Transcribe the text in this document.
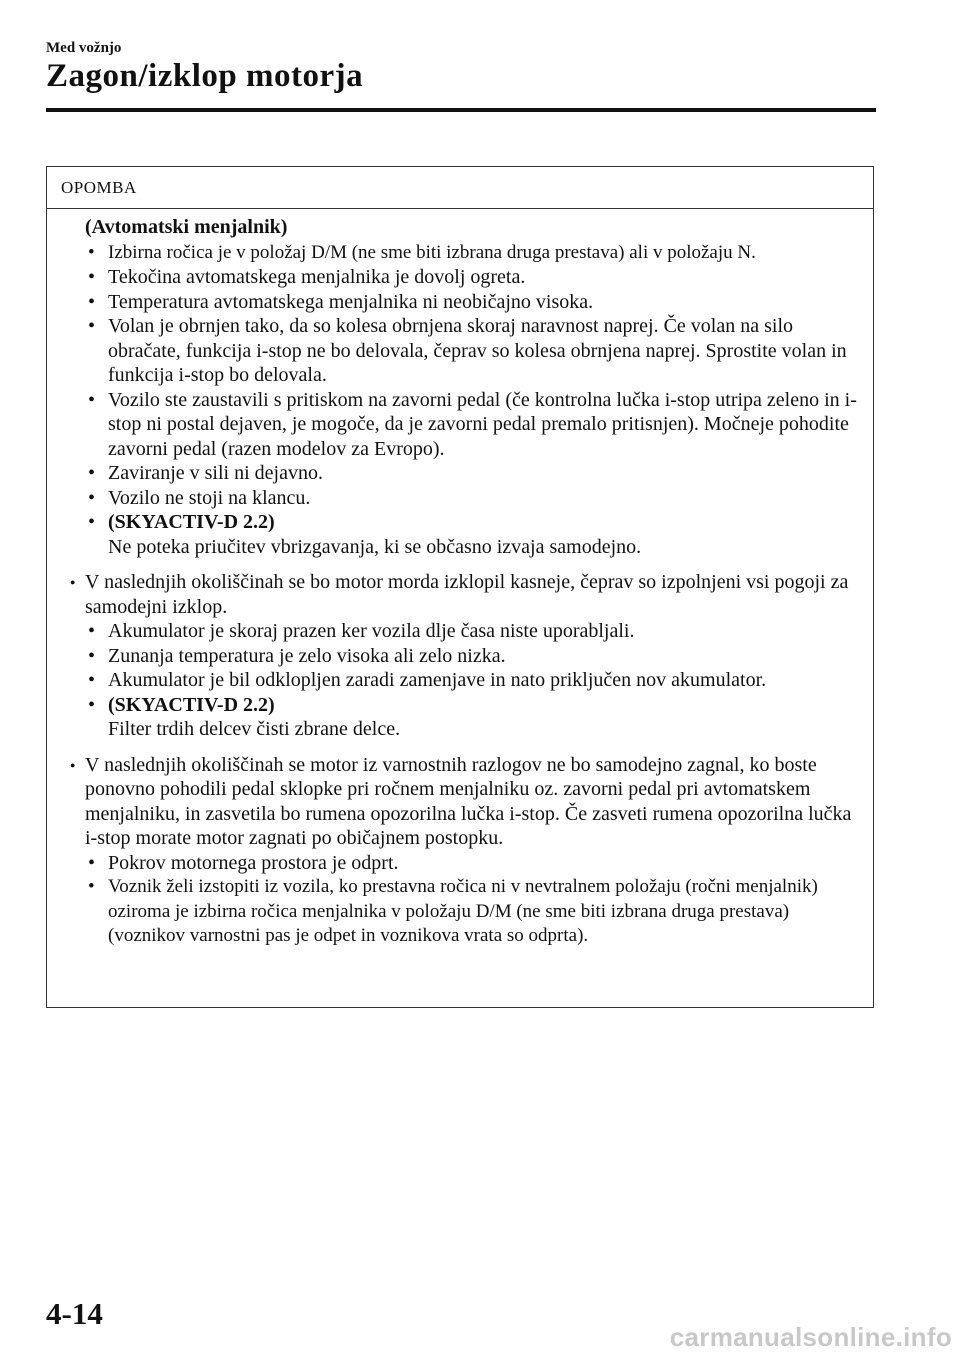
Med vožnjo
Zagon/izklop motorja
OPOMBA
(Avtomatski menjalnik)
• Izbirna ročica je v položaj D/M (ne sme biti izbrana druga prestava) ali v položaju N.
• Tekočina avtomatskega menjalnika je dovolj ogreta.
• Temperatura avtomatskega menjalnika ni neobičajno visoka.
• Volan je obrnjen tako, da so kolesa obrnjena skoraj naravnost naprej. Če volan na silo obračate, funkcija i-stop ne bo delovala, čeprav so kolesa obrnjena naprej. Sprostite volan in funkcija i-stop bo delovala.
• Vozilo ste zaustavili s pritiskom na zavorni pedal (če kontrolna lučka i-stop utripa zeleno in i-stop ni postal dejaven, je mogoče, da je zavorni pedal premalo pritisnjen). Močneje pohodite zavorni pedal (razen modelov za Evropo).
• Zaviranje v sili ni dejavno.
• Vozilo ne stoji na klancu.
• (SKYACTIV-D 2.2)
Ne poteka priučitev vbrizgavanja, ki se občasno izvaja samodejno.
●
V naslednjih okoliščinah se bo motor morda izklopil kasneje, čeprav so izpolnjeni vsi pogoji za samodejni izklop.
• Akumulator je skoraj prazen ker vozila dlje časa niste uporabljali.
• Zunanja temperatura je zelo visoka ali zelo nizka.
• Akumulator je bil odklopljen zaradi zamenjave in nato priključen nov akumulator.
• (SKYACTIV-D 2.2)
Filter trdih delcev čisti zbrane delce.
●
V naslednjih okoliščinah se motor iz varnostnih razlogov ne bo samodejno zagnal, ko boste ponovno pohodili pedal sklopke pri ročnem menjalniku oz. zavorni pedal pri avtomatskem menjalniku, in zasvetila bo rumena opozorilna lučka i-stop. Če zasveti rumena opozorilna lučka i-stop morate motor zagnati po običajnem postopku.
• Pokrov motornega prostora je odprt.
• Voznik želi izstopiti iz vozila, ko prestavna ročica ni v nevtralnem položaju (ročni menjalnik) oziroma je izbirna ročica menjalnika v položaju D/M (ne sme biti izbrana druga prestava) (voznikov varnostni pas je odpet in voznikova vrata so odprta).
4-14
carmanualsonline.info
